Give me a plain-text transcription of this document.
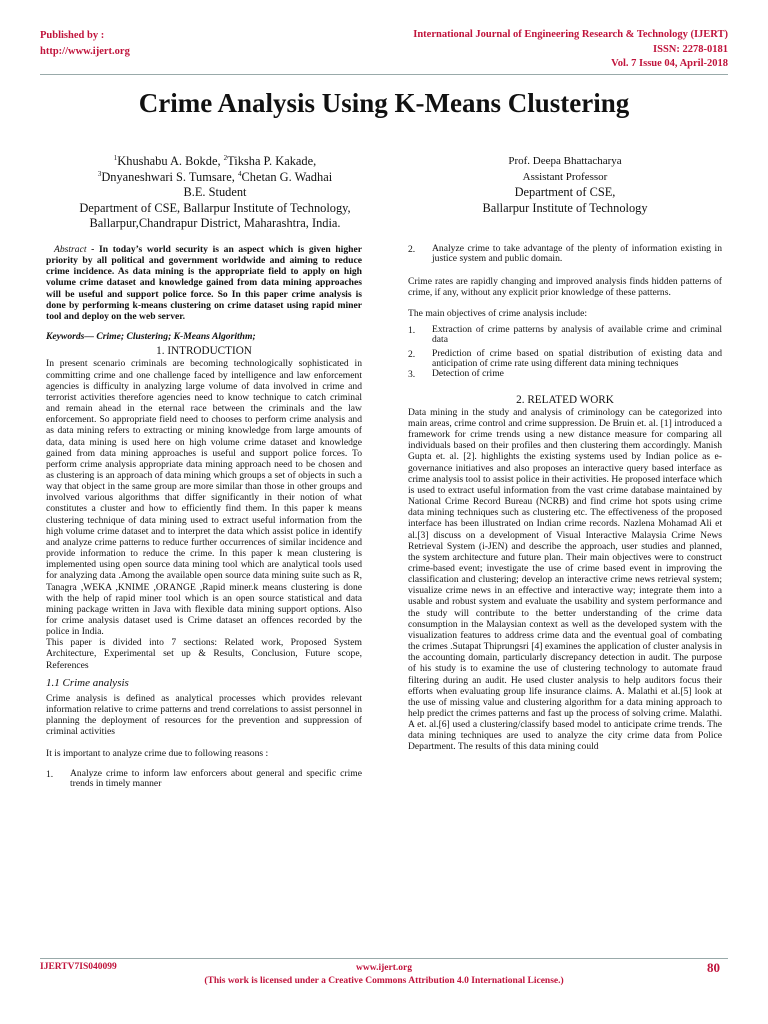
Published by :
http://www.ijert.org
International Journal of Engineering Research & Technology (IJERT)
ISSN: 2278-0181
Vol. 7 Issue 04, April-2018
Crime Analysis Using K-Means Clustering
$^1$Khushabu A. Bokde, $^2$Tiksha P. Kakade,
$^3$Dnyaneshwari S. Tumsare, $^4$Chetan G. Wadhai
B.E. Student
Department of CSE, Ballarpur Institute of Technology,
Ballarpur,Chandrapur District, Maharashtra, India.
Prof. Deepa Bhattacharya
Assistant Professor
Department of CSE,
Ballarpur Institute of Technology

Abstract - In today’s world security is an aspect which is given higher priority by all political and government worldwide and aiming to reduce crime incidence. As data mining is the appropriate field to apply on high volume crime dataset and knowledge gained from data mining approaches will be useful and support police force. So In this paper crime analysis is done by performing k-means clustering on crime dataset using rapid miner tool and deploy on the web server.

Keywords— Crime; Clustering; K-Means Algorithm;

1. INTRODUCTION

In present scenario criminals are becoming technologically sophisticated in committing crime and one challenge faced by intelligence and law enforcement agencies is difficulty in analyzing large volume of data involved in crime and terrorist activities therefore agencies need to know technique to catch criminal and remain ahead in the eternal race between the criminals and the law enforcement. So appropriate field need to chooses to perform crime analysis and as data mining refers to extracting or mining knowledge from large amounts of data, data mining is used here on high volume crime dataset and knowledge gained from data mining approaches is useful and support police forces. To perform crime analysis appropriate data mining approach need to be chosen and as clustering is an approach of data mining which groups a set of objects in such a way that object in the same group are more similar than those in other groups and involved various algorithms that differ significantly in their notion of what constitutes a cluster and how to efficiently find them. In this paper k means clustering technique of data mining used to extract useful information from the high volume crime dataset and to interpret the data which assist police in identify and analyze crime patterns to reduce further occurrences of similar incidence and provide information to reduce the crime. In this paper k mean clustering is implemented using open source data mining tool which are analytical tools used for analyzing data .Among the available open source data mining suite such as R, Tanagra ,WEKA ,KNIME ,ORANGE ,Rapid miner.k means clustering is done with the help of rapid miner tool which is an open source statistical and data mining package written in Java with flexible data mining support options. Also for crime analysis dataset used is Crime dataset an offences recorded by the police in India.

This paper is divided into 7 sections: Related work, Proposed System Architecture, Experimental set up & Results, Conclusion, Future scope, References

1.1 Crime analysis

Crime analysis is defined as analytical processes which provides relevant information relative to crime patterns and trend correlations to assist personnel in planning the deployment of resources for the prevention and suppression of criminal activities

It is important to analyze crime due to following reasons :

1.	Analyze crime to inform law enforcers about general and specific crime trends in timely manner
2.	Analyze crime to take advantage of the plenty of information existing in justice system and public domain.

Crime rates are rapidly changing and improved analysis finds hidden patterns of crime, if any, without any explicit prior knowledge of these patterns.

The main objectives of crime analysis include:

1.	Extraction of crime patterns by analysis of available crime and criminal data
2.	Prediction of crime based on spatial distribution of existing data and anticipation of crime rate using different data mining techniques
3.	Detection of crime
2. RELATED WORK

Data mining in the study and analysis of criminology can be categorized into main areas, crime control and crime suppression. De Bruin et. al. [1] introduced a framework for crime trends using a new distance measure for comparing all individuals based on their profiles and then clustering them accordingly. Manish Gupta et. al. [2]. highlights the existing systems used by Indian police as e-governance initiatives and also proposes an interactive query based interface as crime analysis tool to assist police in their activities. He proposed interface which is used to extract useful information from the vast crime database maintained by National Crime Record Bureau (NCRB) and find crime hot spots using crime data mining techniques such as clustering etc. The effectiveness of the proposed interface has been illustrated on Indian crime records. Nazlena Mohamad Ali et al.[3] discuss on a development of Visual Interactive Malaysia Crime News Retrieval System (i-JEN) and describe the approach, user studies and planned, the system architecture and future plan. Their main objectives were to construct crime-based event; investigate the use of crime based event in improving the classification and clustering; develop an interactive crime news retrieval system; visualize crime news in an effective and interactive way; integrate them into a usable and robust system and evaluate the usability and system performance and the study will contribute to the better understanding of the crime data consumption in the Malaysian context as well as the developed system with the visualization features to address crime data and the eventual goal of combating the crimes .Sutapat Thiprungsri [4] examines the application of cluster analysis in the accounting domain, particularly discrepancy detection in audit. The purpose of his study is to examine the use of clustering technology to automate fraud filtering during an audit. He used cluster analysis to help auditors focus their efforts when evaluating group life insurance claims. A. Malathi et al.[5] look at the use of missing value and clustering algorithm for a data mining approach to help predict the crimes patterns and fast up the process of solving crime. Malathi. A et. al.[6] used a clustering/classify based model to anticipate crime trends. The data mining techniques are used to analyze the city crime data from Police Department. The results of this data mining could

IJERTV7IS040099	www.ijert.org
(This work is licensed under a Creative Commons Attribution 4.0 International License.)
80
